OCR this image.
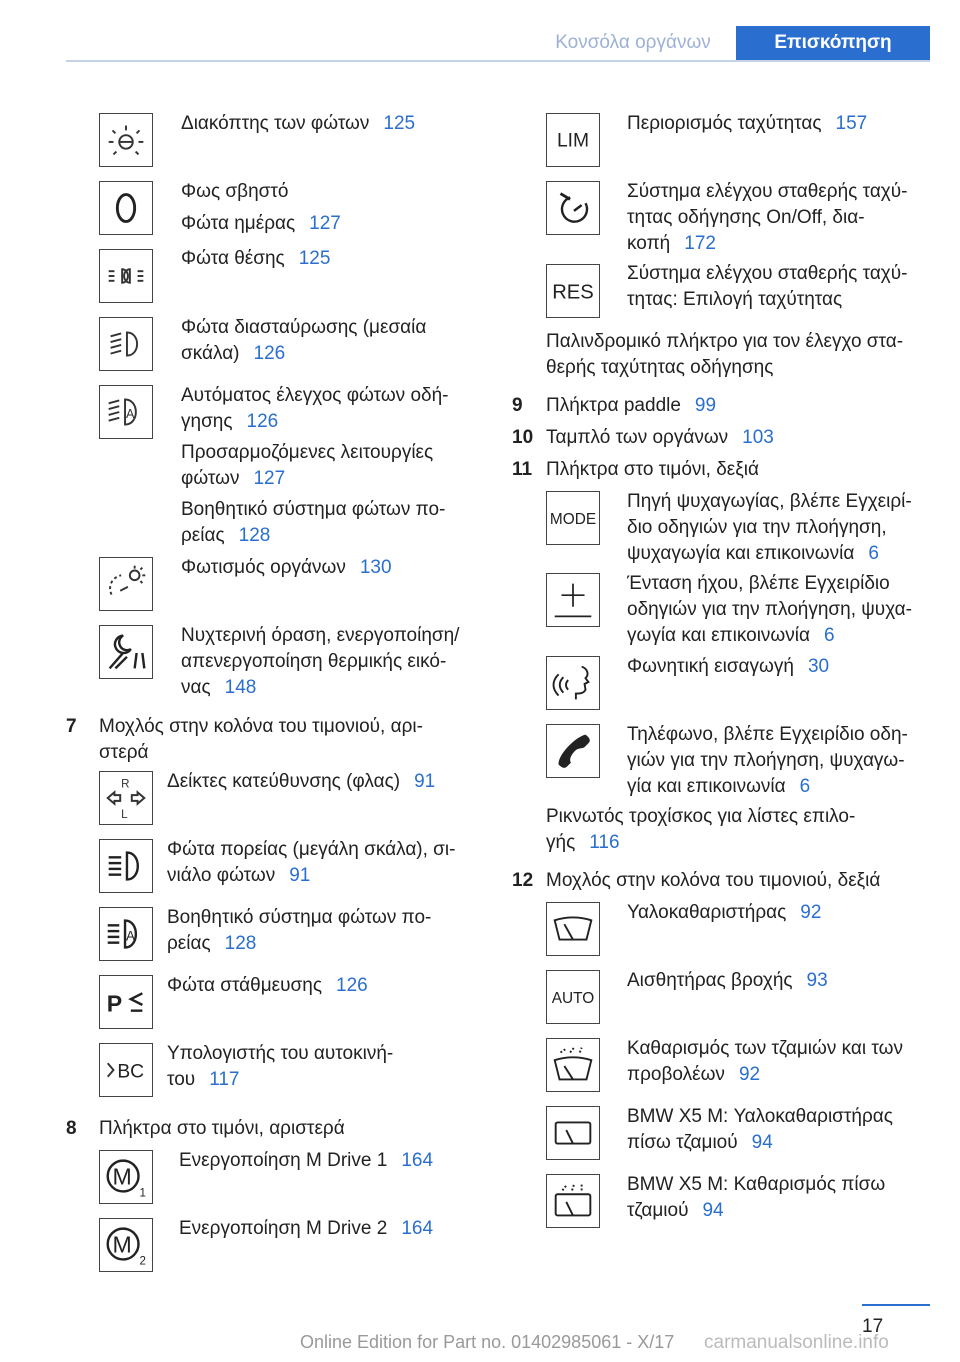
Κονσόλα οργάνων	Επισκόπηση
Διακόπτης των φώτων 125
Φως σβηστό
Φώτα ημέρας 127
Φώτα θέσης 125
Φώτα διασταύρωσης (μεσαία
σκάλα) 126
A
Αυτόματος έλεγχος φώτων οδή-
γησης 126
Προσαρμοζόμενες λειτουργίες
φώτων 127
Βοηθητικό σύστημα φώτων πο-
ρείας 128
Φωτισμός οργάνων 130
Νυχτερινή όραση, ενεργοποίηση/
απενεργοποίηση θερμικής εικό-
νας 148
7 Μοχλός στην κολόνα του τιμονιού, αρι-
στερά
R
L
Δείκτες κατεύθυνσης (φλας) 91
Φώτα πορείας (μεγάλη σκάλα), σι-
νιάλο φώτων 91
A
Βοηθητικό σύστημα φώτων πο-
ρείας 128
P
Φώτα στάθμευσης 126
BC
Υπολογιστής του αυτοκινή-
του 117
8 Πλήκτρα στο τιμόνι, αριστερά
M
1
Ενεργοποίηση M Drive 1 164
M
2
Ενεργοποίηση M Drive 2 164
LIM
Περιορισμός ταχύτητας 157
Σύστημα ελέγχου σταθερής ταχύ-
τητας οδήγησης On/Off, δια-
κοπή 172
RES
Σύστημα ελέγχου σταθερής ταχύ-
τητας: Επιλογή ταχύτητας
Παλινδρομικό πλήκτρο για τον έλεγχο στα-
θερής ταχύτητας οδήγησης
9 Πλήκτρα paddle 99
10 Ταμπλό των οργάνων 103
11 Πλήκτρα στο τιμόνι, δεξιά
MODE
Πηγή ψυχαγωγίας, βλέπε Εγχειρί-
διο οδηγιών για την πλοήγηση,
ψυχαγωγία και επικοινωνία 6
Ένταση ήχου, βλέπε Εγχειρίδιο
οδηγιών για την πλοήγηση, ψυχα-
γωγία και επικοινωνία 6
Φωνητική εισαγωγή 30
Τηλέφωνο, βλέπε Εγχειρίδιο οδη-
γιών για την πλοήγηση, ψυχαγω-
γία και επικοινωνία 6
Ρικνωτός τροχίσκος για λίστες επιλο-
γής 116
12 Μοχλός στην κολόνα του τιμονιού, δεξιά
Υαλοκαθαριστήρας 92
AUTO
Αισθητήρας βροχής 93
Καθαρισμός των τζαμιών και των
προβολέων 92
BMW X5 M: Υαλοκαθαριστήρας
πίσω τζαμιού 94
BMW X5 M: Καθαρισμός πίσω
τζαμιού 94
17
Online Edition for Part no. 01402985061 - X/17 carmanualsonline.info
